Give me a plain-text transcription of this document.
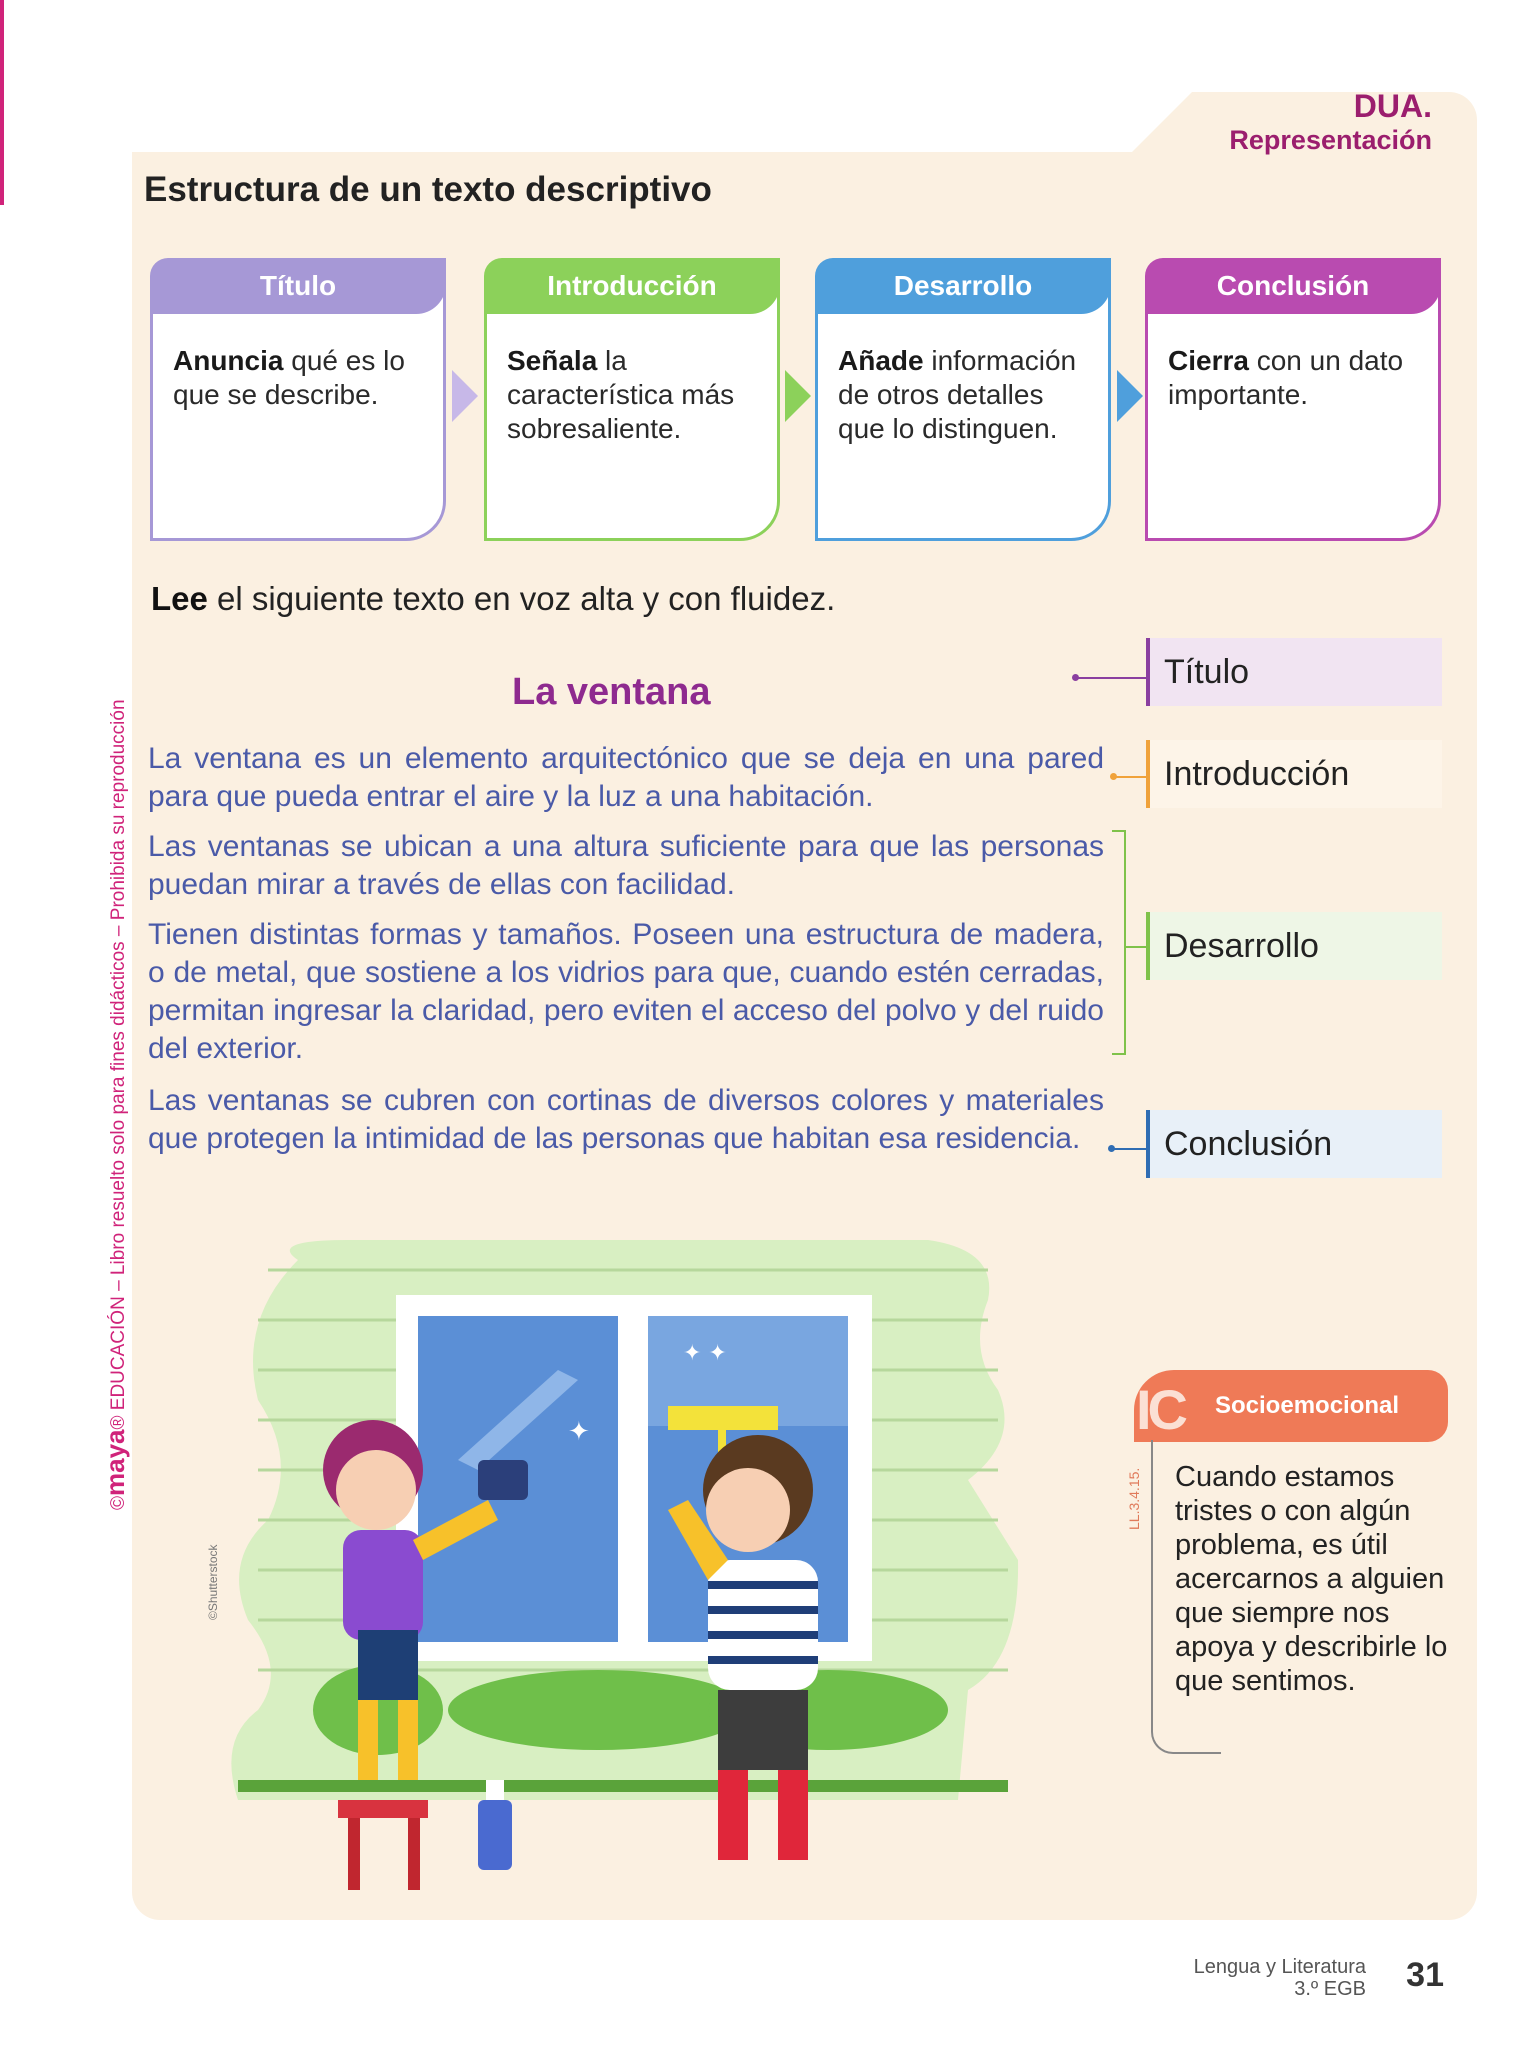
DUA.
Representación
Estructura de un texto descriptivo
Título
Anuncia qué es lo que se describe.
Introducción
Señala la característica más sobresaliente.
Desarrollo
Añade información de otros detalles que lo distinguen.
Conclusión
Cierra con un dato importante.
Lee el siguiente texto en voz alta y con fluidez.
La ventana
La ventana es un elemento arquitectónico que se deja en una pared para que pueda entrar el aire y la luz a una habitación.
Las ventanas se ubican a una altura suficiente para que las personas puedan mirar a través de ellas con facilidad.
Tienen distintas formas y tamaños. Poseen una estructura de madera, o de metal, que sostiene a los vidrios para que, cuando estén cerradas, permitan ingresar la claridad, pero eviten el acceso del polvo y del ruido del exterior.
Las ventanas se cubren con cortinas de diversos colores y materiales que protegen la intimidad de las personas que habitan esa residencia.
Título
Introducción
Desarrollo
Conclusión
✦ ✦
✦
©Shutterstock
©maya® EDUCACIÓN – Libro resuelto solo para fines didácticos – Prohibida su reproducción	IC Socioemocional
LL.3.4.15. Cuando estamos tristes o con algún problema, es útil acercarnos a alguien que siempre nos apoya y describirle lo que sentimos.
Lengua y Literatura
3.º EGB 31
